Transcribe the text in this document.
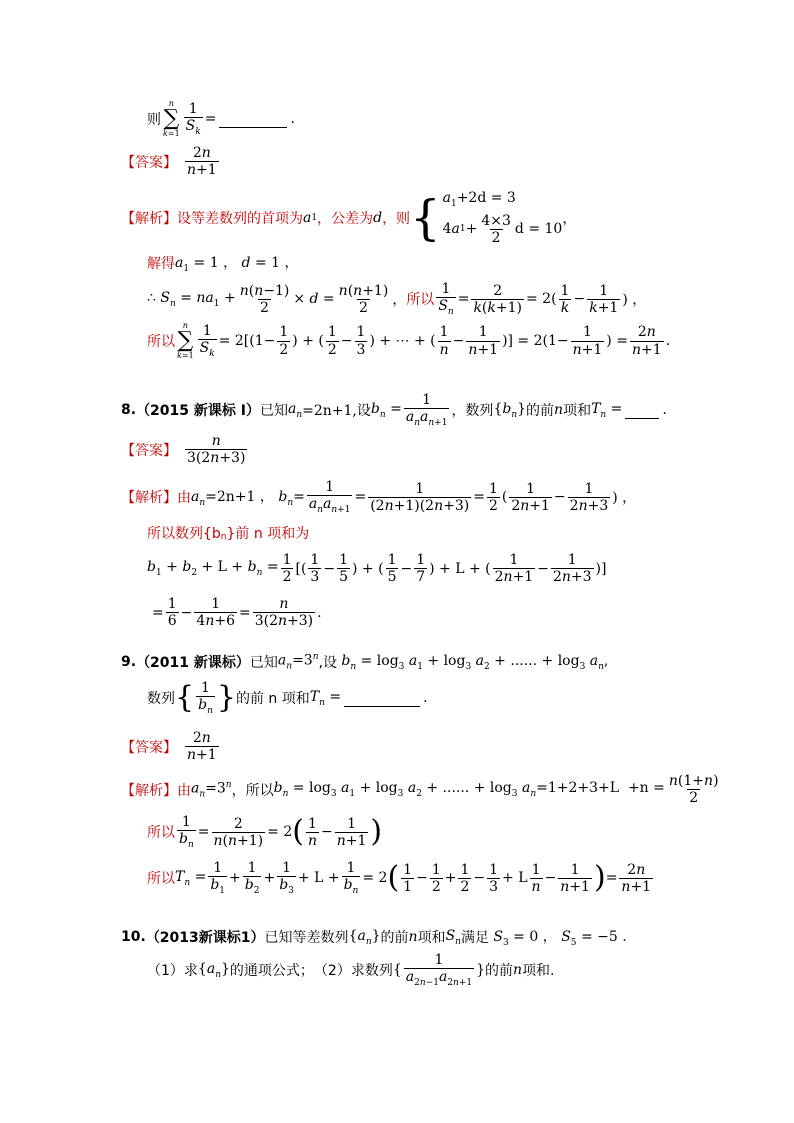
则
n
∑
$k=1 \frac{1}{S_k}$ =
	.
【答案】 $\frac{2n}{n+1}$
【解析】 设等差数列的首项为 a 1 ，公差为 d ，则 { $a_1+2d = 3$
4 a $1 + \frac{4\times 3}{2}$ d = 10
，
解得 $a_1 = 1$ ， d = 1 ，
∴ $S_n = na_1 + \frac{n(n-1)}{2} \times d = \frac{n(n+1)}{2}$ ， 所以 $\frac{1}{S_n} = \frac{2}{k(k+1)} = 2( \frac{1}{k} - \frac{1}{k+1}$ ) ，
所以
n
∑
$k=1 \frac{1}{S_k} = 2[(1- \frac{1}{2}$ ) + ( $\frac{1}{2} - \frac{1}{3}$ ) + ⋯ + ( $\frac{1}{n} - \frac{1}{n+1}$ )] = $2(1- \frac{1}{n+1}$ ) = $\frac{2n}{n+1}$ .
8. （2015 新课标 I） 已知 $a_n =2n+1$,设 $b_n = \frac{1}{a_na_{n+1}}$ ，数列 $\{b_n\}$ 的前 n 项和 $T_n$ =
	.
【答案】 $\frac{n}{3(2n+3)}$
【解析】 由 $a_n=2n+1$ ， $b_n= \frac{1}{a_na_{n+1}} = \frac{1}{(2n+1)(2n+3)} = \frac{1}{2}$ ( $\frac{1}{2n+1} - \frac{1}{2n+3}$ ) ，
所以数列{b n }前 n 项和为
$b_1 + b_2 + L + b_n = \frac{1}{2}$ [( $\frac{1}{3} - \frac{1}{5}$ ) + ( $\frac{1}{5} - \frac{1}{7}$ ) + L + ( $\frac{1}{2n+1} - \frac{1}{2n+3}$ )]
= $\frac{1}{6} - \frac{1}{4n+6} = \frac{n}{3(2n+3)}$ .
9. （2011 新课标） 已知 $a_n=3^n$ ,设 $b_n = \log_3 a_1 + \log_3 a_2$ + ...... + $\log_3 a_n$,
数列 { $\frac{1}{b_n}$ } 的前 n 项和 $T_n$ =
	.
【答案】 $\frac{2n}{n+1}$
【解析】 由 $a_n=3^n$ ，所以 $b_n = \log_3 a_1 + \log_3 a_2$ + ...... + $\log_3 a_n=1+2+3+L +n = \frac{n(1+n)}{2}$
所以 $\frac{1}{b_n} = \frac{2}{n(n+1)} = 2$ ( $\frac{1}{n} - \frac{1}{n+1}$ )
所以 $T_n = \frac{1}{b_1} + \frac{1}{b_2} + \frac{1}{b_3} + L + \frac{1}{b_n} = 2$ ( $\frac{1}{1} - \frac{1}{2} + \frac{1}{2} - \frac{1}{3} + L \frac{1}{n} - \frac{1}{n+1}$ ) = $\frac{2n}{n+1}$
10. （2013新课标1） 已知等差数列 $\{a_n\}$ 的前 n 项和 $S_n$ 满足 $S_3 = 0$ ， $S_5 = -5$ .
（1）求 $\{a_n\}$ 的通项公式； （2）求数列 { $\frac{1}{a_{2n-1}a_{2n+1}}$ } 的前 n 项和.
